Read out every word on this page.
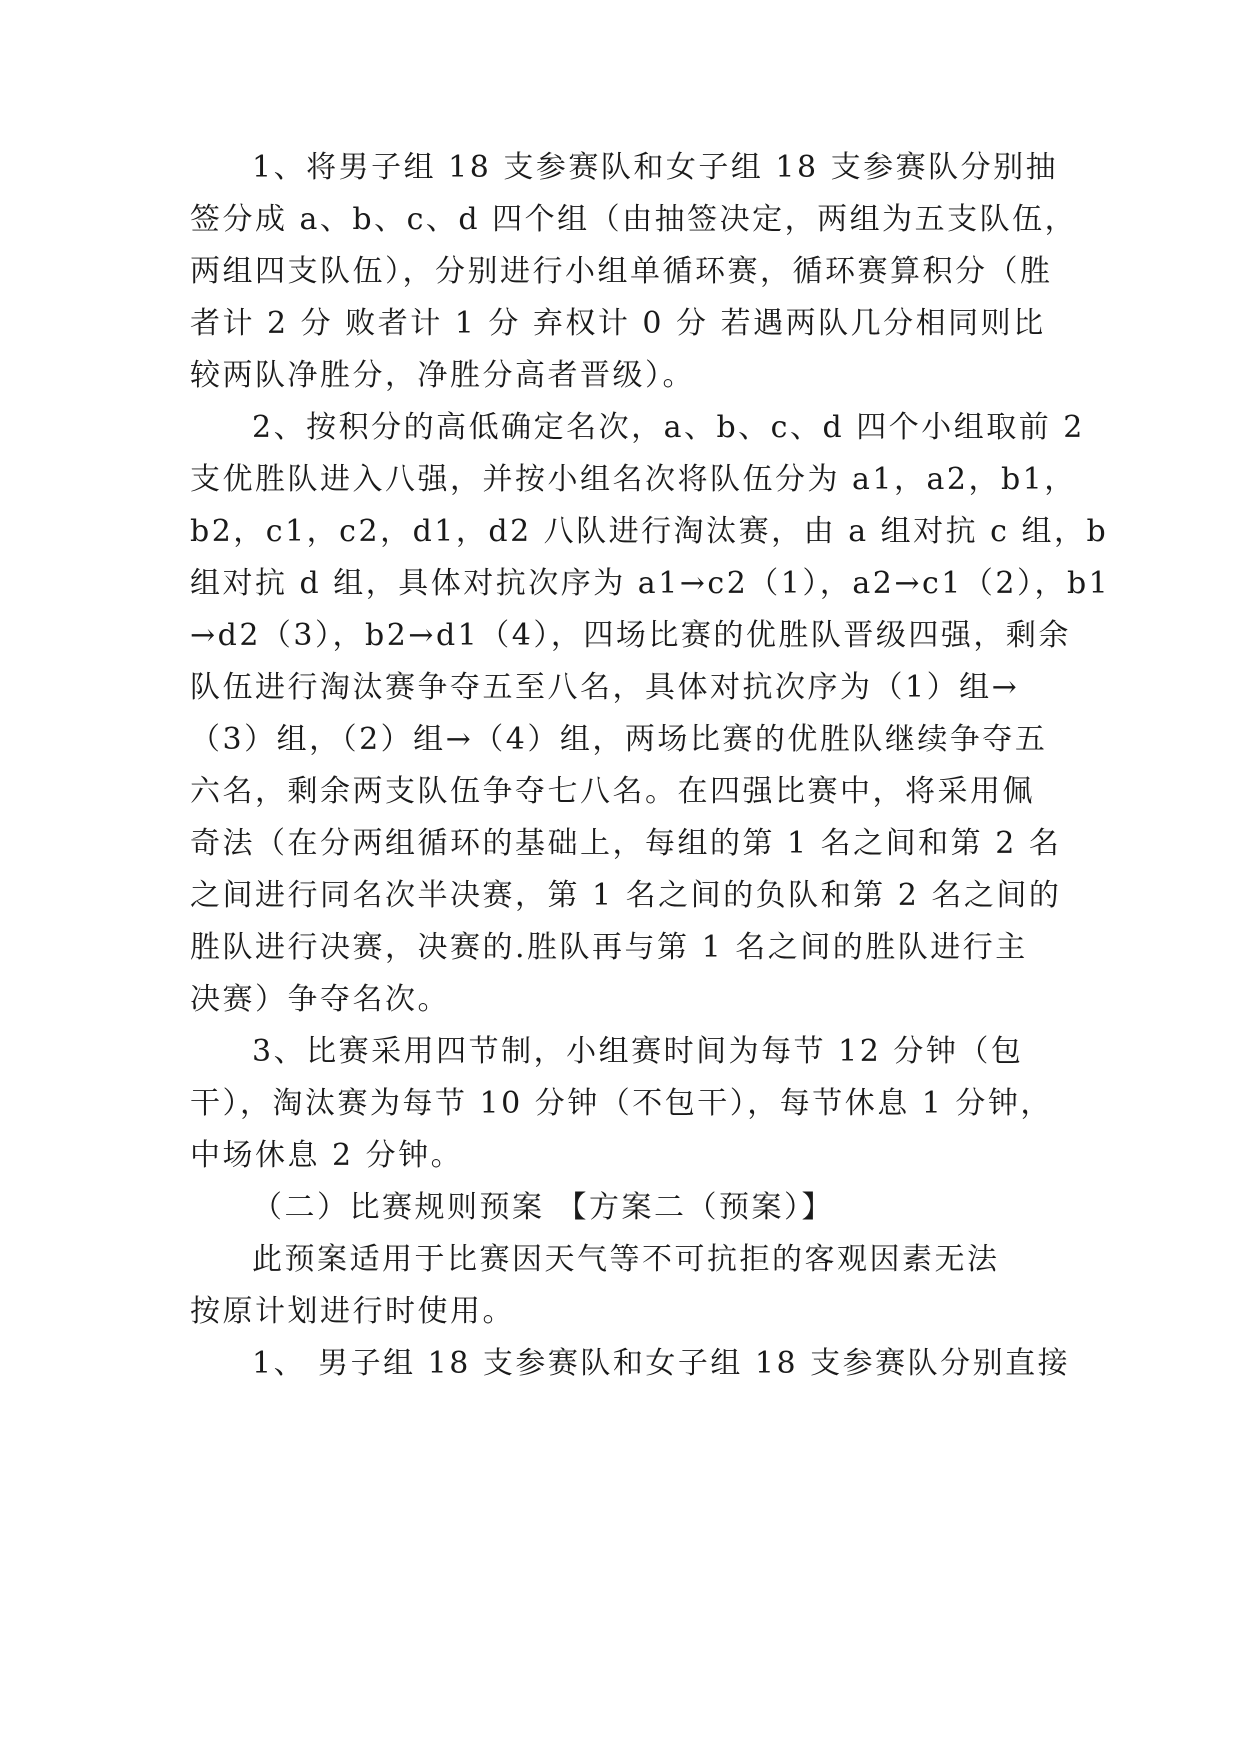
1、将男子组 18 支参赛队和女子组 18 支参赛队分别抽
签分成 a、b、c、d 四个组（由抽签决定，两组为五支队伍，
两组四支队伍），分别进行小组单循环赛，循环赛算积分（胜
者计 2 分 败者计 1 分 弃权计 0 分 若遇两队几分相同则比
较两队净胜分，净胜分高者晋级）。
2、按积分的高低确定名次，a、b、c、d 四个小组取前 2
支优胜队进入八强，并按小组名次将队伍分为 a1，a2，b1，
b2，c1，c2，d1，d2 八队进行淘汰赛，由 a 组对抗 c 组，b
组对抗 d 组，具体对抗次序为 a1→c2（1），a2→c1（2），b1
→d2（3），b2→d1（4），四场比赛的优胜队晋级四强，剩余
队伍进行淘汰赛争夺五至八名，具体对抗次序为（1）组→
（3）组，（2）组→（4）组，两场比赛的优胜队继续争夺五
六名，剩余两支队伍争夺七八名。在四强比赛中，将采用佩
奇法（在分两组循环的基础上，每组的第 1 名之间和第 2 名
之间进行同名次半决赛，第 1 名之间的负队和第 2 名之间的
胜队进行决赛，决赛的.胜队再与第 1 名之间的胜队进行主
决赛）争夺名次。
3、比赛采用四节制，小组赛时间为每节 12 分钟（包
干），淘汰赛为每节 10 分钟（不包干），每节休息 1 分钟，
中场休息 2 分钟。
（二）比赛规则预案 【方案二（预案）】
此预案适用于比赛因天气等不可抗拒的客观因素无法
按原计划进行时使用。
1、 男子组 18 支参赛队和女子组 18 支参赛队分别直接
